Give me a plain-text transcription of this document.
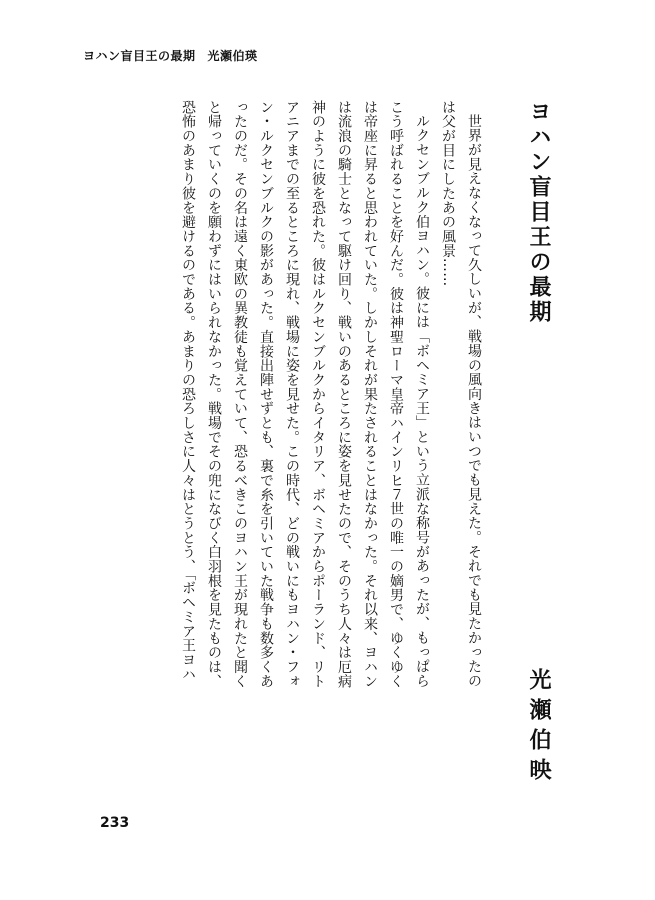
ヨハン盲目王の最期 光瀬伯瑛
ヨハン盲目王の最期
光瀬伯映

世界が見えなくなって久しいが、戦場の風向きはいつでも見えた。それでも見たかったの

は父が目にしたあの風景……

ルクセンブルク伯ヨハン。彼には「ボヘミア王」という立派な称号があったが、もっぱら

こう呼ばれることを好んだ。彼は神聖ローマ皇帝ハインリヒ７世の唯一の嫡男で、ゆくゆく

は帝座に昇ると思われていた。しかしそれが果たされることはなかった。それ以来、ヨハン

は流浪の騎士となって駆け回り、戦いのあるところに姿を見せたので、そのうち人々は厄病

神のように彼を恐れた。彼はルクセンブルクからイタリア、ボヘミアからポーランド、リト

アニアまでの至るところに現れ、戦場に姿を見せた。この時代、どの戦いにもヨハン・フォ

ン・ルクセンブルクの影があった。直接出陣せずとも、裏で糸を引いていた戦争も数多くあ

ったのだ。その名は遠く東欧の異教徒も覚えていて、恐るべきこのヨハン王が現れたと聞く

と帰っていくのを願わずにはいられなかった。戦場でその兜になびく白羽根を見たものは、

恐怖のあまり彼を避けるのである。あまりの恐ろしさに人々はとうとう、「ボヘミア王ヨハ

233
